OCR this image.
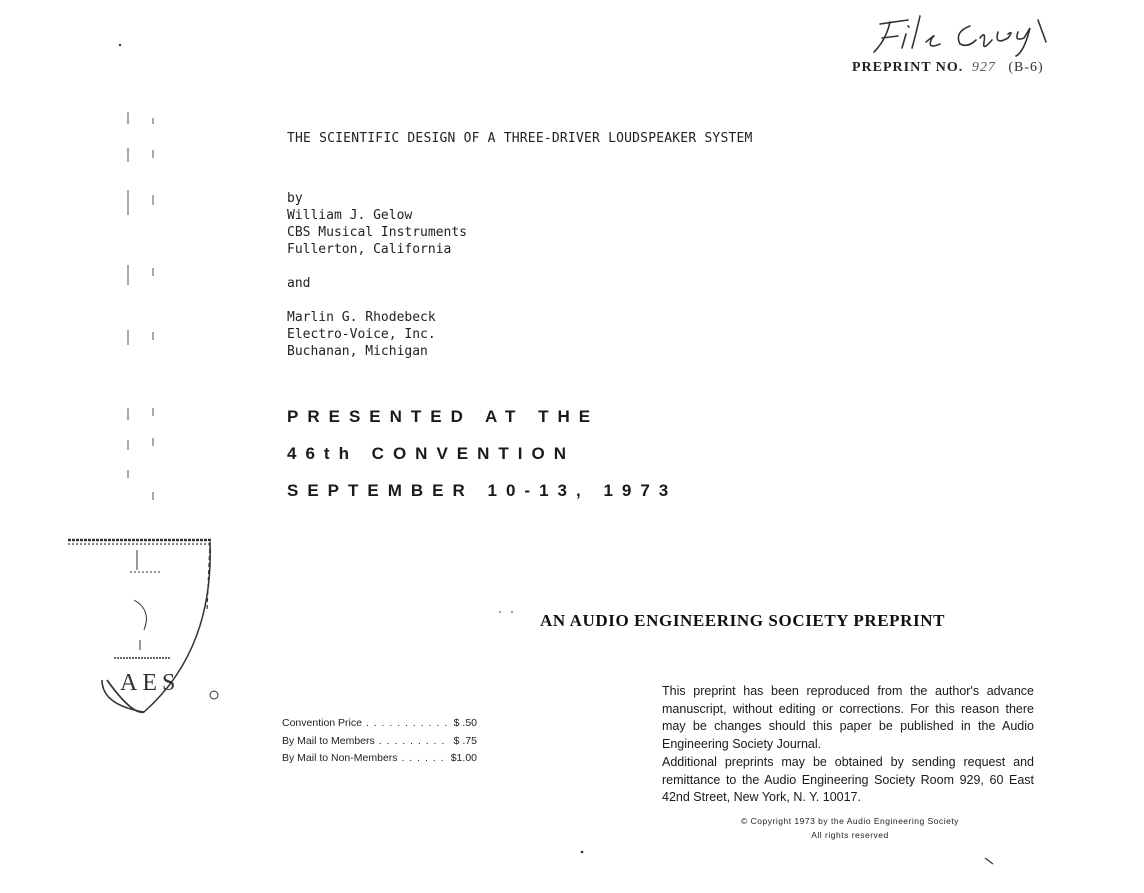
AES
PREPRINT NO. 927 (B-6)
THE SCIENTIFIC DESIGN OF A THREE-DRIVER LOUDSPEAKER SYSTEM
by
William J. Gelow
CBS Musical Instruments
Fullerton, California
and
Marlin G. Rhodebeck
Electro-Voice, Inc.
Buchanan, Michigan
PRESENTED AT THE
46th CONVENTION
SEPTEMBER 10-13, 1973
AN AUDIO ENGINEERING SOCIETY PREPRINT
Convention Price . . .	$ .50
By Mail to Members . . .	$ .75
By Mail to Non-Members . . .	$1.00

This preprint has been reproduced from the author's advance manuscript, without editing or corrections. For this reason there may be changes should this paper be published in the Audio Engineering Society Journal.

Additional preprints may be obtained by sending request and remittance to the Audio Engineering Society Room 929, 60 East 42nd Street, New York, N. Y. 10017.

© Copyright 1973 by the Audio Engineering Society
All rights reserved
